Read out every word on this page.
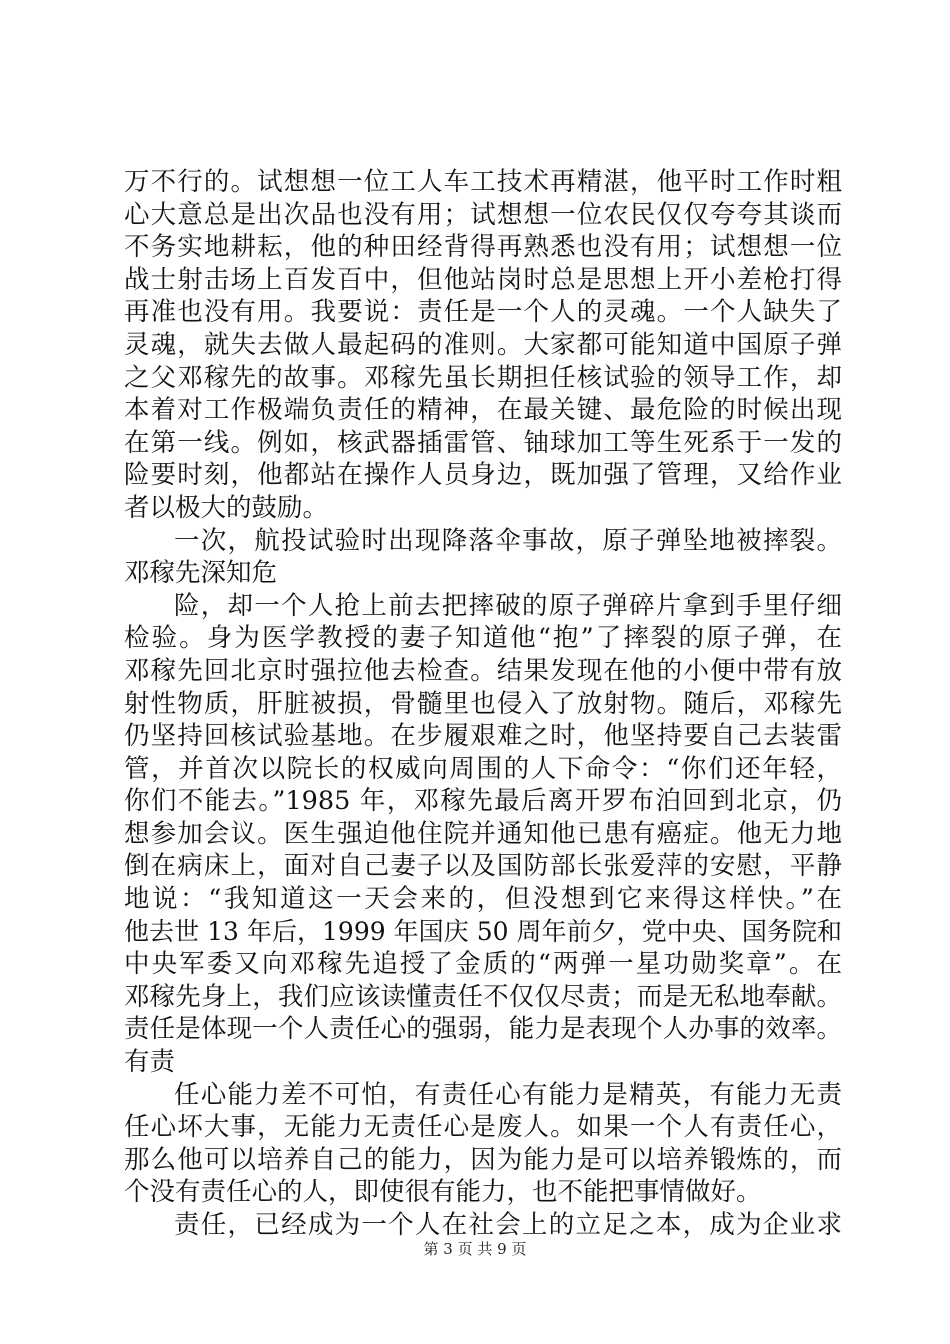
万不行的。试想想一位工人车工技术再精湛，他平时工作时粗
心大意总是出次品也没有用；试想想一位农民仅仅夸夸其谈而
不务实地耕耘，他的种田经背得再熟悉也没有用；试想想一位
战士射击场上百发百中，但他站岗时总是思想上开小差枪打得
再准也没有用。我要说：责任是一个人的灵魂。一个人缺失了
灵魂，就失去做人最起码的准则。大家都可能知道中国原子弹
之父邓稼先的故事。邓稼先虽长期担任核试验的领导工作，却
本着对工作极端负责任的精神，在最关键、最危险的时候出现
在第一线。例如，核武器插雷管、铀球加工等生死系于一发的
险要时刻，他都站在操作人员身边，既加强了管理，又给作业
者以极大的鼓励。
一次，航投试验时出现降落伞事故，原子弹坠地被摔裂。
邓稼先深知危
险，却一个人抢上前去把摔破的原子弹碎片拿到手里仔细
检验。身为医学教授的妻子知道他“抱”了摔裂的原子弹，在
邓稼先回北京时强拉他去检查。结果发现在他的小便中带有放
射性物质，肝脏被损，骨髓里也侵入了放射物。随后，邓稼先
仍坚持回核试验基地。在步履艰难之时，他坚持要自己去装雷
管，并首次以院长的权威向周围的人下命令：“你们还年轻，
你们不能去。”1985 年，邓稼先最后离开罗布泊回到北京，仍
想参加会议。医生强迫他住院并通知他已患有癌症。他无力地
倒在病床上，面对自己妻子以及国防部长张爱萍的安慰，平静
地说：“我知道这一天会来的，但没想到它来得这样快。”在
他去世 13 年后，1999 年国庆 50 周年前夕，党中央、国务院和
中央军委又向邓稼先追授了金质的“两弹一星功勋奖章”。在
邓稼先身上，我们应该读懂责任不仅仅尽责；而是无私地奉献。
责任是体现一个人责任心的强弱，能力是表现个人办事的效率。
有责
任心能力差不可怕，有责任心有能力是精英，有能力无责
任心坏大事，无能力无责任心是废人。如果一个人有责任心，
那么他可以培养自己的能力，因为能力是可以培养锻炼的，而
个没有责任心的人，即使很有能力，也不能把事情做好。
责任，已经成为一个人在社会上的立足之本，成为企业求
第 3 页 共 9 页
